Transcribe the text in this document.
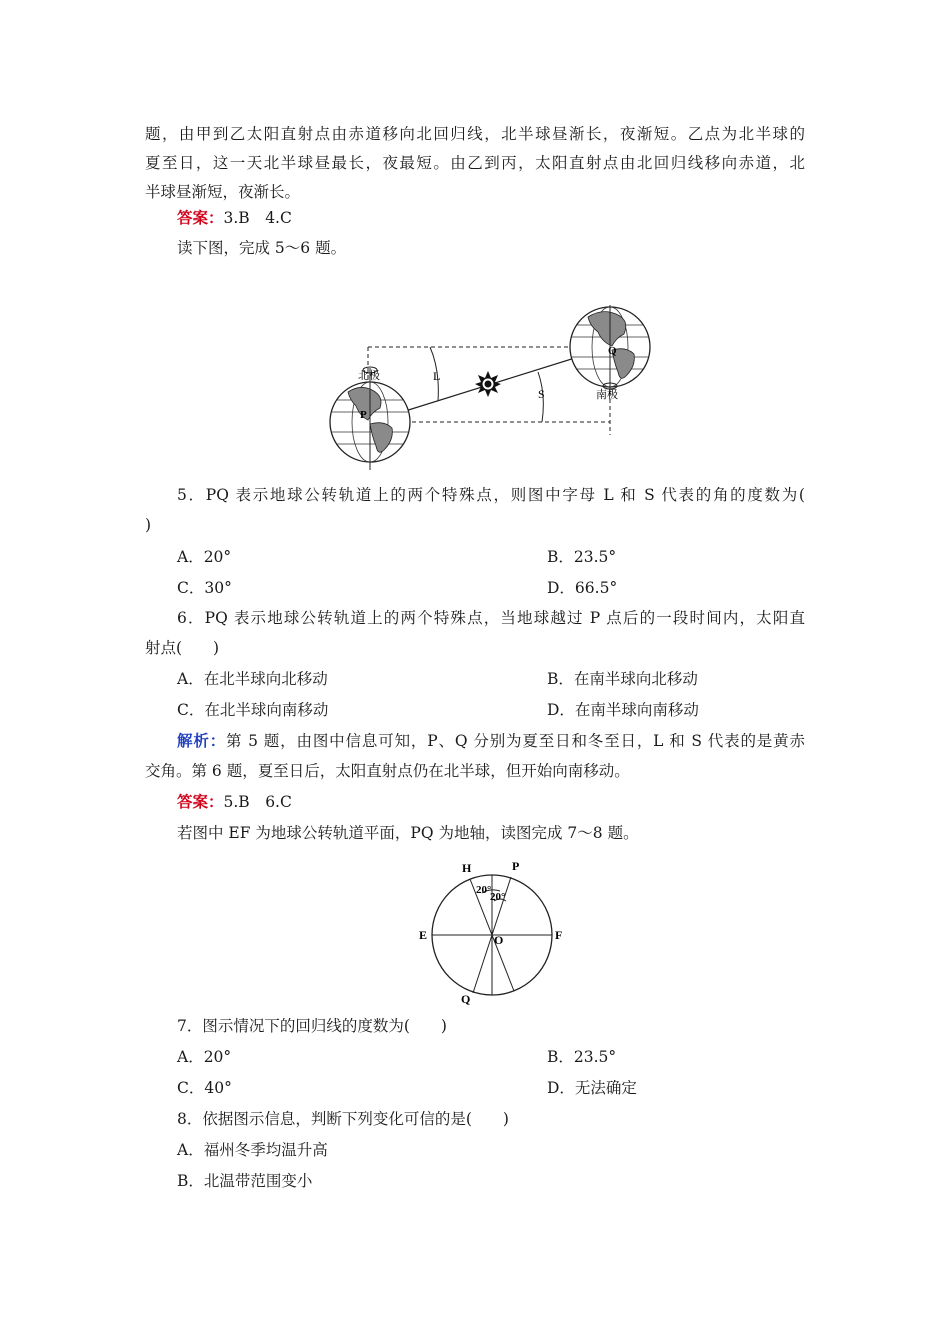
题，由甲到乙太阳直射点由赤道移向北回归线，北半球昼渐长，夜渐短。乙点为北半球的
夏至日，这一天北半球昼最长，夜最短。由乙到丙，太阳直射点由北回归线移向赤道，北
半球昼渐短，夜渐长。
答案：3.B　4.C
读下图，完成 5～6 题。
L
S
北极
P
南极
Q
5．PQ 表示地球公转轨道上的两个特殊点，则图中字母 L 和 S 代表的角的度数为(
)
A．20°	B．23.5°
C．30°	D．66.5°
6．PQ 表示地球公转轨道上的两个特殊点，当地球越过 P 点后的一段时间内，太阳直
射点(　　)
A．在北半球向北移动	B．在南半球向北移动
C．在北半球向南移动	D．在南半球向南移动
解析：第 5 题，由图中信息可知，P、Q 分别为夏至日和冬至日，L 和 S 代表的是黄赤
交角。第 6 题，夏至日后，太阳直射点仍在北半球，但开始向南移动。
答案：5.B　6.C
若图中 EF 为地球公转轨道平面，PQ 为地轴，读图完成 7～8 题。
H	P
20°
20°
E	F
O
Q
7．图示情况下的回归线的度数为(　　)
A．20°	B．23.5°
C．40°	D．无法确定
8．依据图示信息，判断下列变化可信的是(　　)
A．福州冬季均温升高
B．北温带范围变小
